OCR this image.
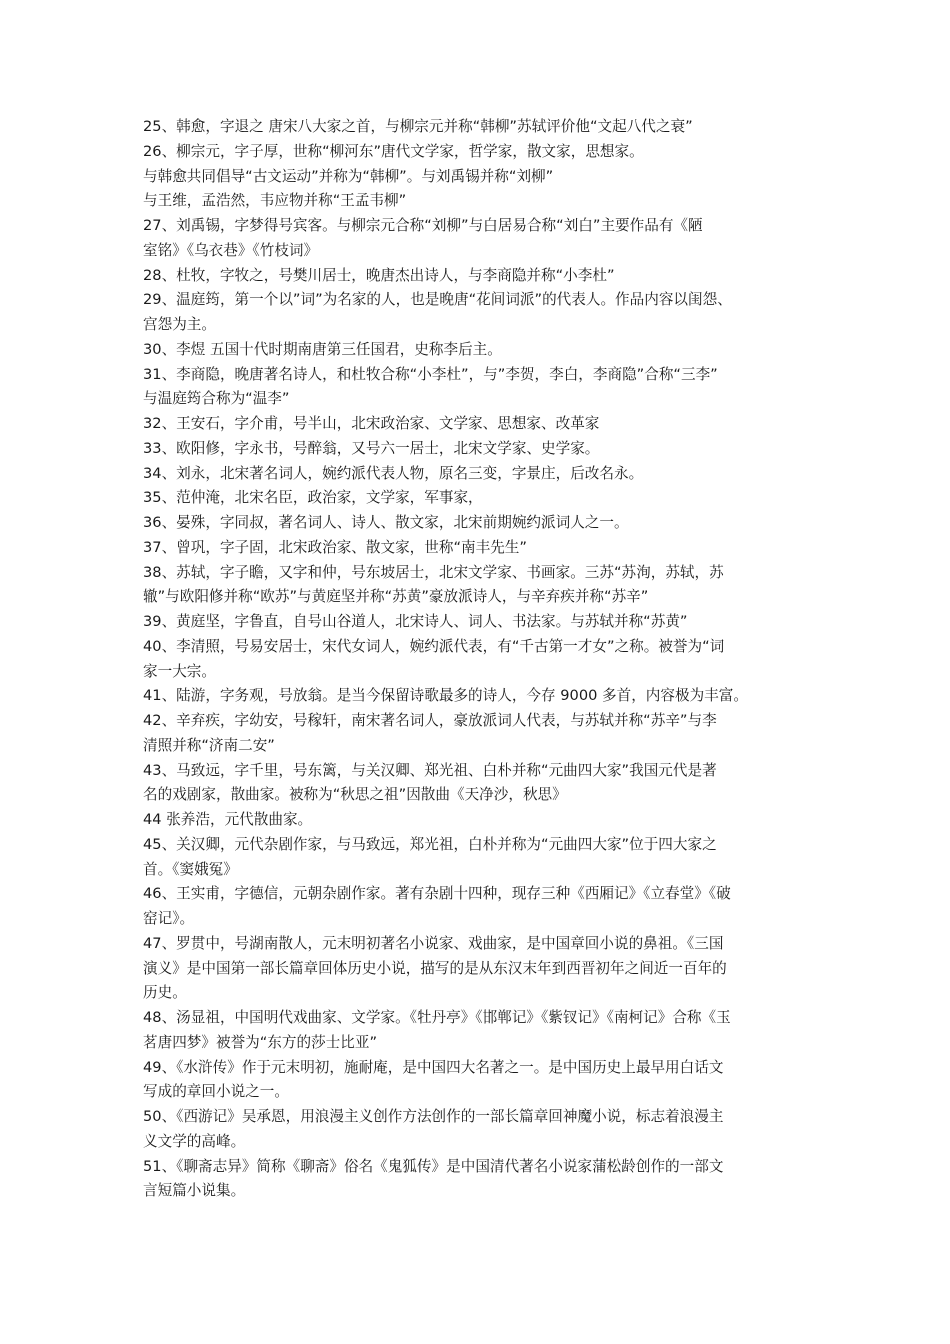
25、韩愈，字退之 唐宋八大家之首，与柳宗元并称“韩柳”苏轼评价他“文起八代之衰”
26、柳宗元，字子厚，世称“柳河东”唐代文学家，哲学家，散文家，思想家。
与韩愈共同倡导“古文运动”并称为“韩柳”。与刘禹锡并称“刘柳”
与王维，孟浩然，韦应物并称“王孟韦柳”
27、刘禹锡，字梦得号宾客。与柳宗元合称“刘柳”与白居易合称“刘白”主要作品有《陋
室铭》《乌衣巷》《竹枝词》
28、杜牧，字牧之，号樊川居士，晚唐杰出诗人，与李商隐并称“小李杜”
29、温庭筠，第一个以”词”为名家的人，也是晚唐“花间词派”的代表人。作品内容以闺怨、
宫怨为主。
30、李煜 五国十代时期南唐第三任国君，史称李后主。
31、李商隐，晚唐著名诗人，和杜牧合称“小李杜”，与”李贺，李白，李商隐”合称“三李”
与温庭筠合称为“温李”
32、王安石，字介甫，号半山，北宋政治家、文学家、思想家、改革家
33、欧阳修，字永书，号醉翁，又号六一居士，北宋文学家、史学家。
34、刘永，北宋著名词人，婉约派代表人物，原名三变，字景庄，后改名永。
35、范仲淹，北宋名臣，政治家，文学家，军事家，
36、晏殊，字同叔，著名词人、诗人、散文家，北宋前期婉约派词人之一。
37、曾巩，字子固，北宋政治家、散文家，世称“南丰先生”
38、苏轼，字子瞻，又字和仲，号东坡居士，北宋文学家、书画家。三苏“苏洵，苏轼，苏
辙”与欧阳修并称“欧苏”与黄庭坚并称“苏黄”豪放派诗人，与辛弃疾并称“苏辛”
39、黄庭坚，字鲁直，自号山谷道人，北宋诗人、词人、书法家。与苏轼并称“苏黄”
40、李清照，号易安居士，宋代女词人，婉约派代表，有“千古第一才女”之称。被誉为“词
家一大宗。
41、陆游，字务观，号放翁。是当今保留诗歌最多的诗人，今存 9000 多首，内容极为丰富。
42、辛弃疾，字幼安，号稼轩，南宋著名词人，豪放派词人代表，与苏轼并称“苏辛”与李
清照并称“济南二安”
43、马致远，字千里，号东篱，与关汉卿、郑光祖、白朴并称“元曲四大家”我国元代是著
名的戏剧家，散曲家。被称为“秋思之祖”因散曲《天净沙，秋思》
44 张养浩，元代散曲家。
45、关汉卿，元代杂剧作家，与马致远，郑光祖，白朴并称为“元曲四大家”位于四大家之
首。《窦娥冤》
46、王实甫，字德信，元朝杂剧作家。著有杂剧十四种，现存三种《西厢记》《立春堂》《破
窑记》。
47、罗贯中，号湖南散人，元末明初著名小说家、戏曲家，是中国章回小说的鼻祖。《三国
演义》是中国第一部长篇章回体历史小说，描写的是从东汉末年到西晋初年之间近一百年的
历史。
48、汤显祖，中国明代戏曲家、文学家。《牡丹亭》《邯郸记》《紫钗记》《南柯记》合称《玉
茗唐四梦》被誉为“东方的莎士比亚”
49、《水浒传》作于元末明初，施耐庵，是中国四大名著之一。是中国历史上最早用白话文
写成的章回小说之一。
50、《西游记》吴承恩，用浪漫主义创作方法创作的一部长篇章回神魔小说，标志着浪漫主
义文学的高峰。
51、《聊斋志异》简称《聊斋》俗名《鬼狐传》是中国清代著名小说家蒲松龄创作的一部文
言短篇小说集。
